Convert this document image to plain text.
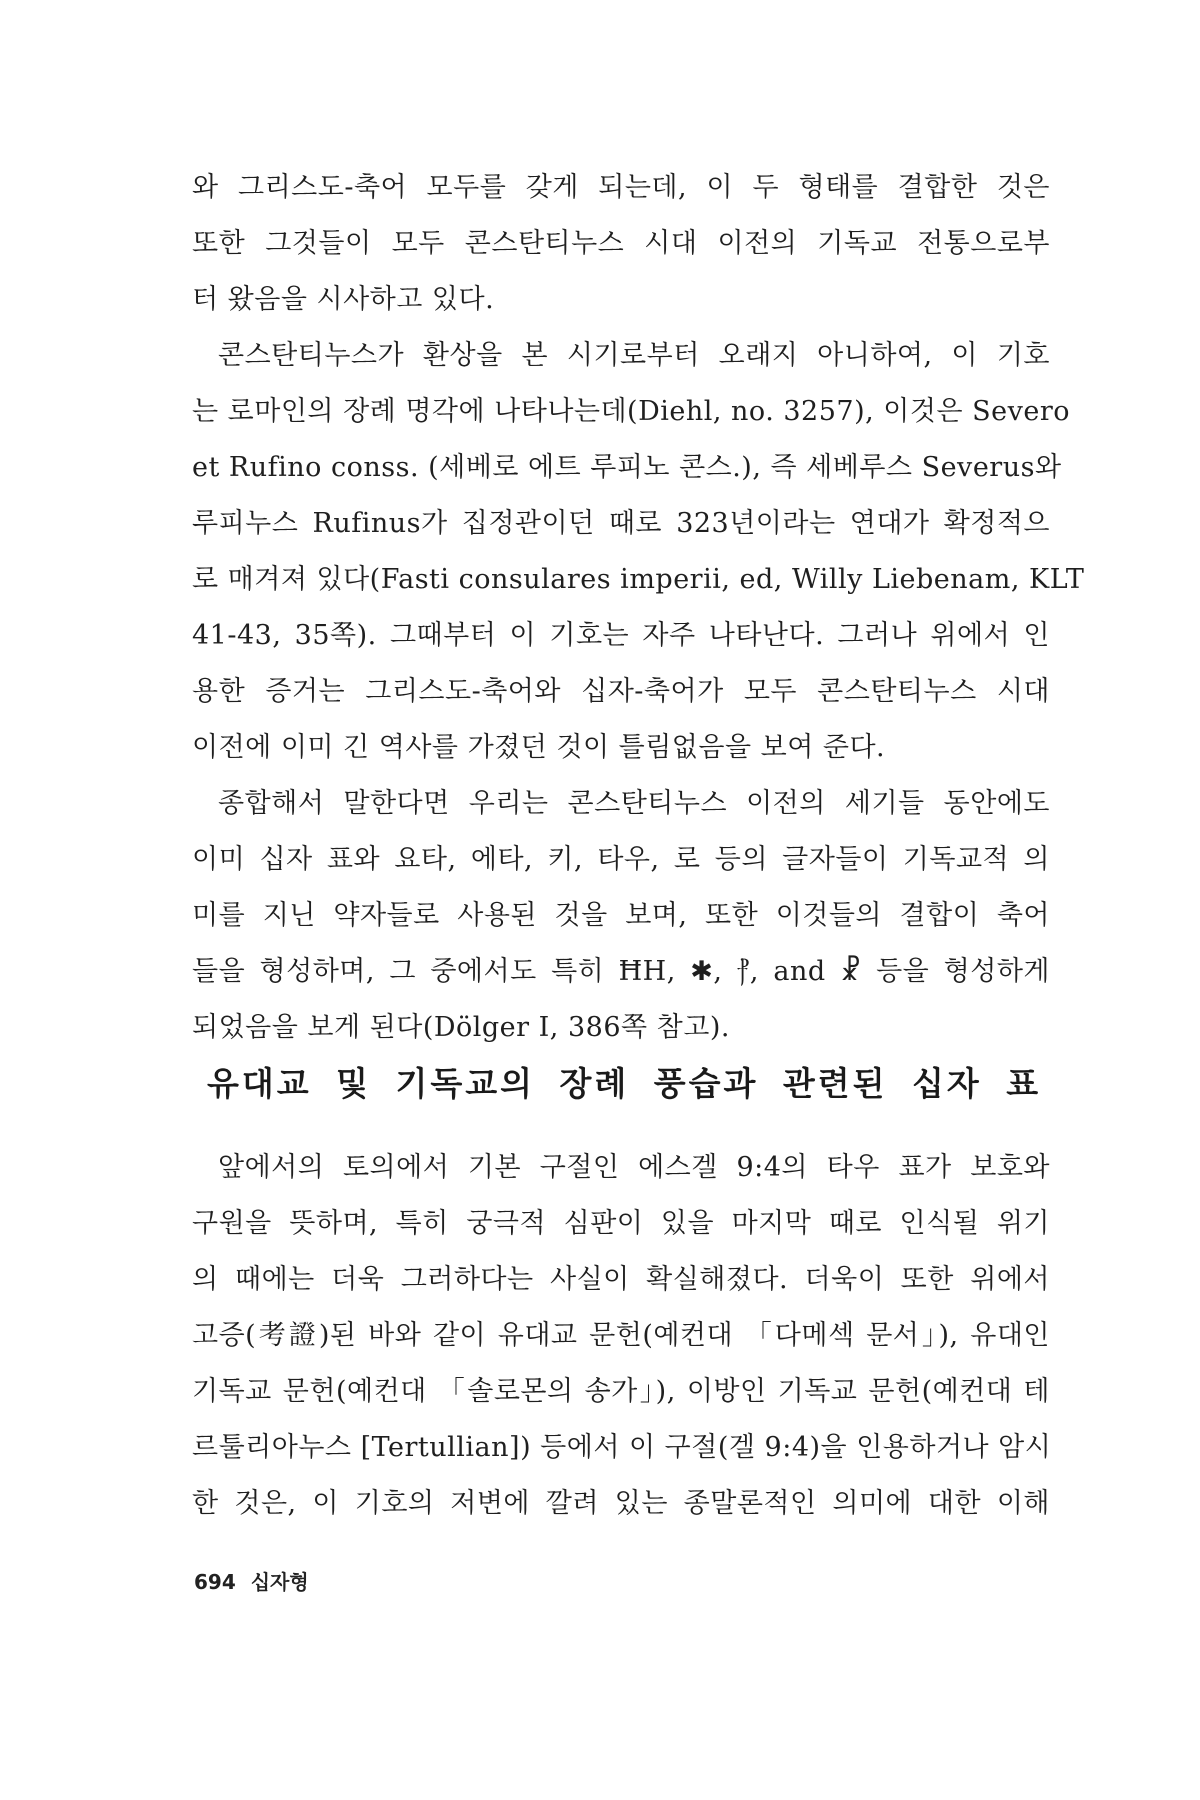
와 그리스도-축어 모두를 갖게 되는데, 이 두 형태를 결합한 것은
또한 그것들이 모두 콘스탄티누스 시대 이전의 기독교 전통으로부
터 왔음을 시사하고 있다.
콘스탄티누스가 환상을 본 시기로부터 오래지 아니하여, 이 기호
는 로마인의 장례 명각에 나타나는데(Diehl, no. 3257), 이것은 Severo
et Rufino conss. (세베로 에트 루피노 콘스.), 즉 세베루스 Severus와
루피누스 Rufinus가 집정관이던 때로 323년이라는 연대가 확정적으
로 매겨져 있다(Fasti consulares imperii, ed, Willy Liebenam, KLT
41-43, 35쪽). 그때부터 이 기호는 자주 나타난다. 그러나 위에서 인
용한 증거는 그리스도-축어와 십자-축어가 모두 콘스탄티누스 시대
이전에 이미 긴 역사를 가졌던 것이 틀림없음을 보여 준다.
종합해서 말한다면 우리는 콘스탄티누스 이전의 세기들 동안에도
이미 십자 표와 요타, 에타, 키, 타우, 로 등의 글자들이 기독교적 의
미를 지닌 약자들로 사용된 것을 보며, 또한 이것들의 결합이 축어
들을 형성하며, 그 중에서도 특히 ĦH, ✱, ⳨, and ☧ 등을 형성하게
되었음을 보게 된다(Dölger I, 386쪽 참고).
유대교 및 기독교의 장례 풍습과 관련된 십자 표
앞에서의 토의에서 기본 구절인 에스겔 9:4의 타우 표가 보호와
구원을 뜻하며, 특히 궁극적 심판이 있을 마지막 때로 인식될 위기
의 때에는 더욱 그러하다는 사실이 확실해졌다. 더욱이 또한 위에서
고증(考證)된 바와 같이 유대교 문헌(예컨대 「다메섹 문서」), 유대인
기독교 문헌(예컨대 「솔로몬의 송가」), 이방인 기독교 문헌(예컨대 테
르툴리아누스 [Tertullian]) 등에서 이 구절(겔 9:4)을 인용하거나 암시
한 것은, 이 기호의 저변에 깔려 있는 종말론적인 의미에 대한 이해
694 십자형
